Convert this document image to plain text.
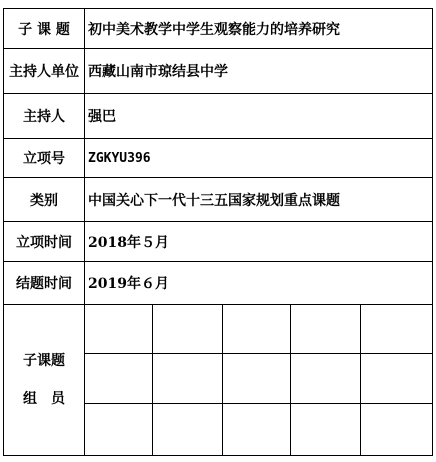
子 课 题	初中美术教学中学生观察能力的培养研究				
主持人单位	西藏山南市琼结县中学				
主持人	强巴				
立项号	ZGKYU396				
类别	中国关心下一代十三五国家规划重点课题				
立项时间	2018年５月				
结题时间	2019年６月				

子课题
组　员					
